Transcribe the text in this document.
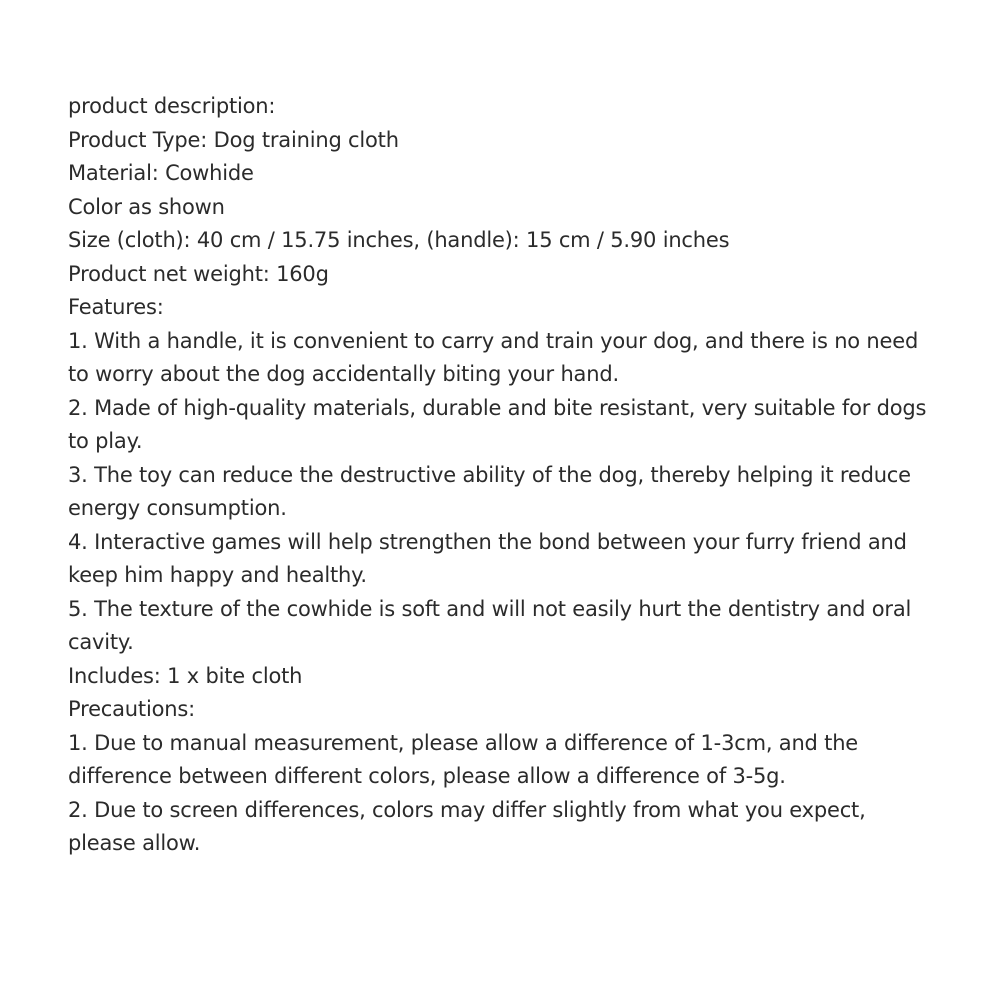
product description:

Product Type: Dog training cloth

Material: Cowhide

Color as shown

Size (cloth): 40 cm / 15.75 inches, (handle): 15 cm / 5.90 inches

Product net weight: 160g

Features:

1. With a handle, it is convenient to carry and train your dog, and there is no need to worry about the dog accidentally biting your hand.

2. Made of high-quality materials, durable and bite resistant, very suitable for dogs to play.

3. The toy can reduce the destructive ability of the dog, thereby helping it reduce energy consumption.

4. Interactive games will help strengthen the bond between your furry friend and keep him happy and healthy.

5. The texture of the cowhide is soft and will not easily hurt the dentistry and oral cavity.

Includes: 1 x bite cloth

Precautions:

1. Due to manual measurement, please allow a difference of 1-3cm, and the difference between different colors, please allow a difference of 3-5g.

2. Due to screen differences, colors may differ slightly from what you expect, please allow.
